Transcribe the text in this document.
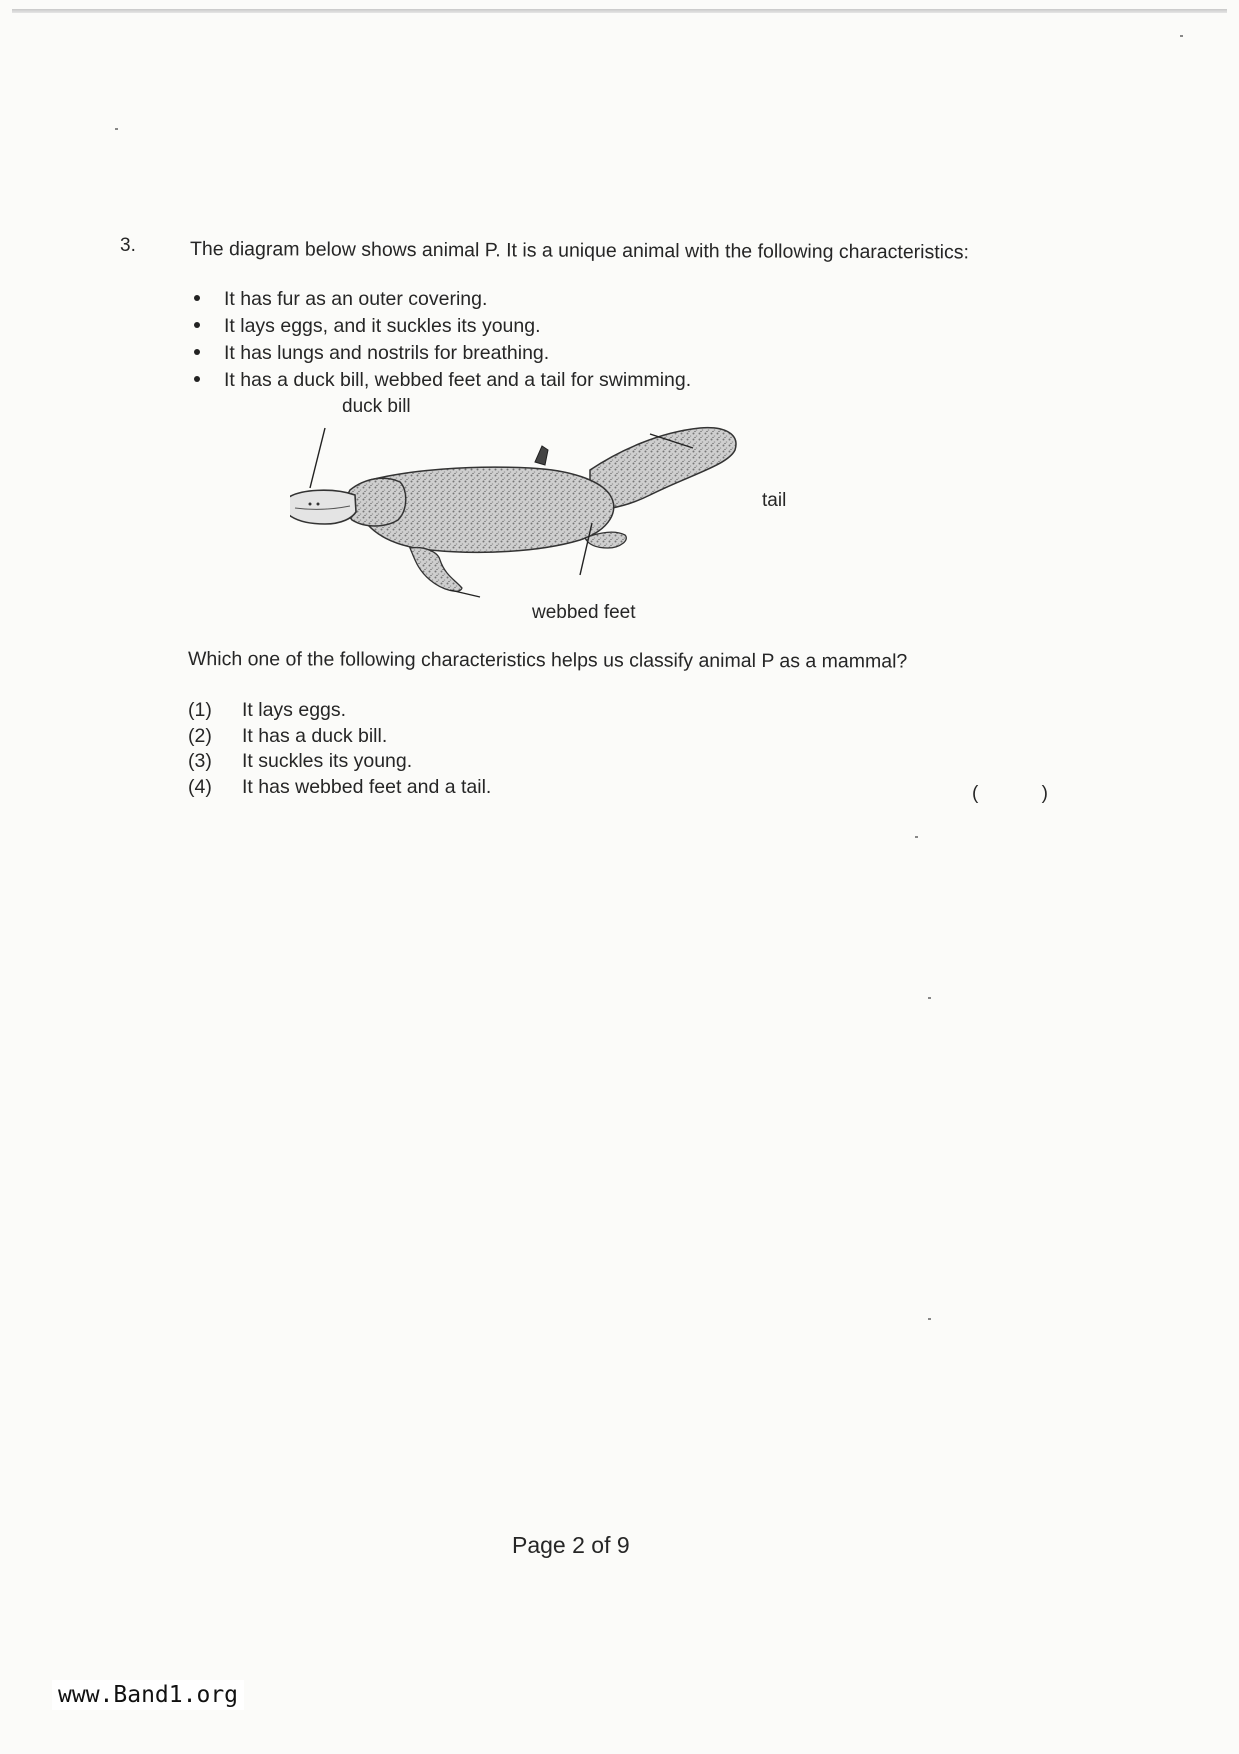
3.	The diagram below shows animal P. It is a unique animal with the following characteristics:
It has fur as an outer covering.
It lays eggs, and it suckles its young.
It has lungs and nostrils for breathing.
It has a duck bill, webbed feet and a tail for swimming.
duck bill
tail
webbed feet
Which one of the following characteristics helps us classify animal P as a mammal?
(1) It lays eggs.
(2) It has a duck bill.
(3) It suckles its young.
(4) It has webbed feet and a tail.	(	)
Page 2 of 9
www.Band1.org
